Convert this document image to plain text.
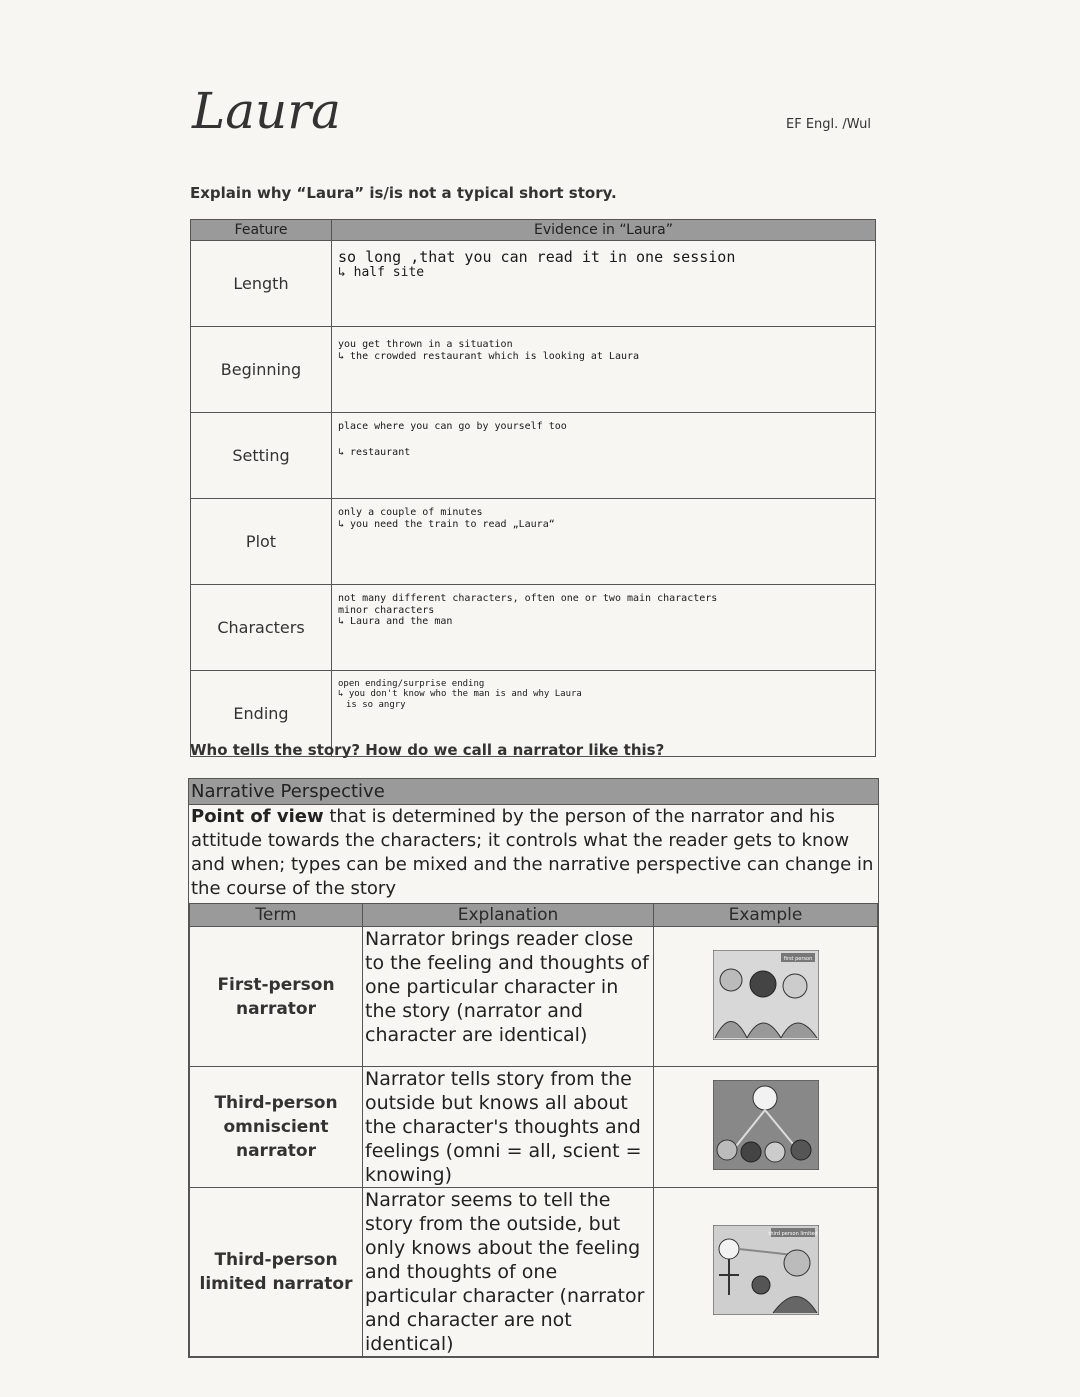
Laura	EF Engl. /Wul
Explain why “Laura” is/is not a typical short story.
Feature	Evidence in “Laura”
Length	so long ,that you can read it in one session
↳ half site

Beginning	you get thrown in a situation
↳ the crowded restaurant which is looking at Laura

Setting	place where you can go by yourself too
↳ restaurant

Plot	only a couple of minutes
↳ you need the train to read „Laura“

Characters	not many different characters, often one or two main characters
minor characters
↳ Laura and the man

Ending	open ending/surprise ending
↳ you don't know who the man is and why Laura
is so angry
Who tells the story? How do we call a narrator like this?
Narrative Perspective
Point of view that is determined by the person of the narrator and his attitude towards the characters; it controls what the reader gets to know and when; types can be mixed and the narrative perspective can change in the course of the story
Term	Explanation	Example

First-person
narrator	Narrator brings reader close to the feeling and thoughts of one particular character in the story (narrator and character are identical)	first person

Third-person
omniscient
narrator	Narrator tells story from the outside but knows all about the character's thoughts and feelings (omni = all, scient = knowing)	

Third-person
limited narrator	Narrator seems to tell the story from the outside, but only knows about the feeling and thoughts of one particular character (narrator and character are not identical)	third person limited
